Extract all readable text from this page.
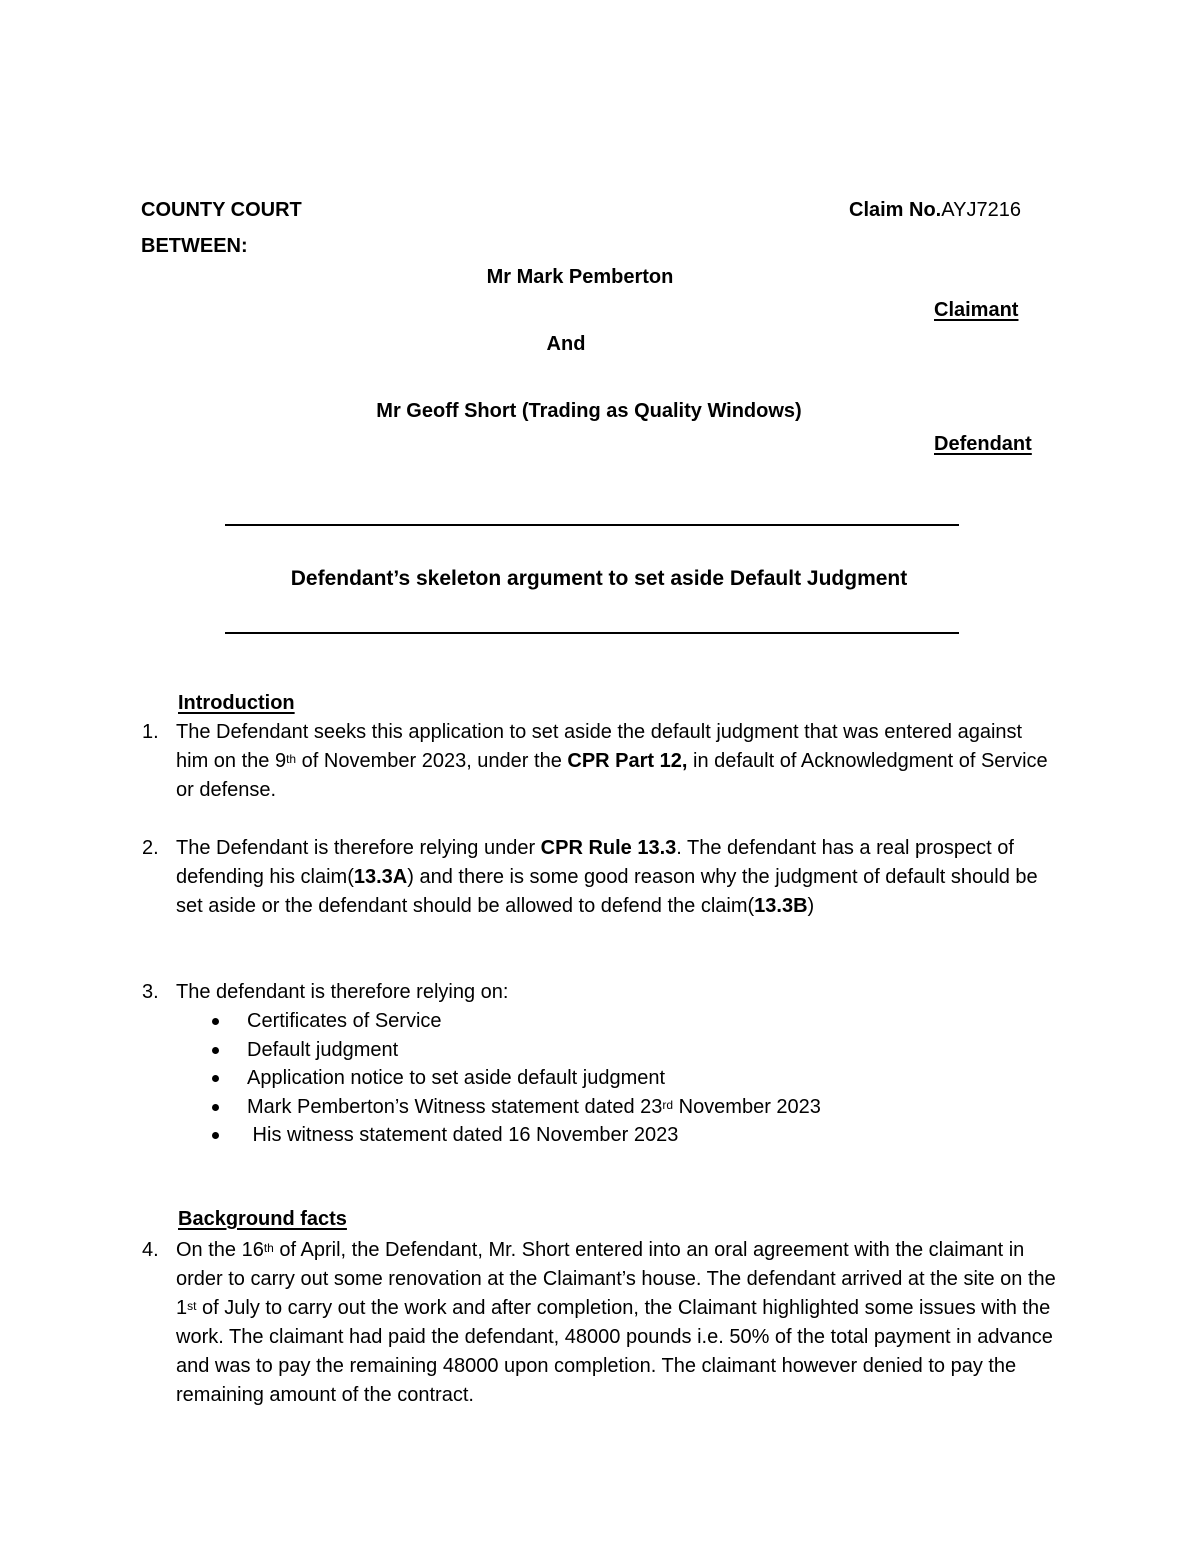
COUNTY COURT
BETWEEN:
Claim No.AYJ7216
Mr Mark Pemberton
Claimant
And
Mr Geoff Short (Trading as Quality Windows)
Defendant
Defendant’s skeleton argument to set aside Default Judgment
Introduction
1. The Defendant seeks this application to set aside the default judgment that was entered against him on the 9th of November 2023, under the CPR Part 12, in default of Acknowledgment of Service or defense.
2. The Defendant is therefore relying under CPR Rule 13.3. The defendant has a real prospect of defending his claim(13.3A) and there is some good reason why the judgment of default should be set aside or the defendant should be allowed to defend the claim(13.3B)
3. The defendant is therefore relying on:
Certificates of Service
Default judgment
Application notice to set aside default judgment
Mark Pemberton’s Witness statement dated 23rd November 2023
His witness statement dated 16 November 2023
Background facts
4. On the 16th of April, the Defendant, Mr. Short entered into an oral agreement with the claimant in order to carry out some renovation at the Claimant’s house. The defendant arrived at the site on the 1st of July to carry out the work and after completion, the Claimant highlighted some issues with the work. The claimant had paid the defendant, 48000 pounds i.e. 50% of the total payment in advance and was to pay the remaining 48000 upon completion. The claimant however denied to pay the remaining amount of the contract.
